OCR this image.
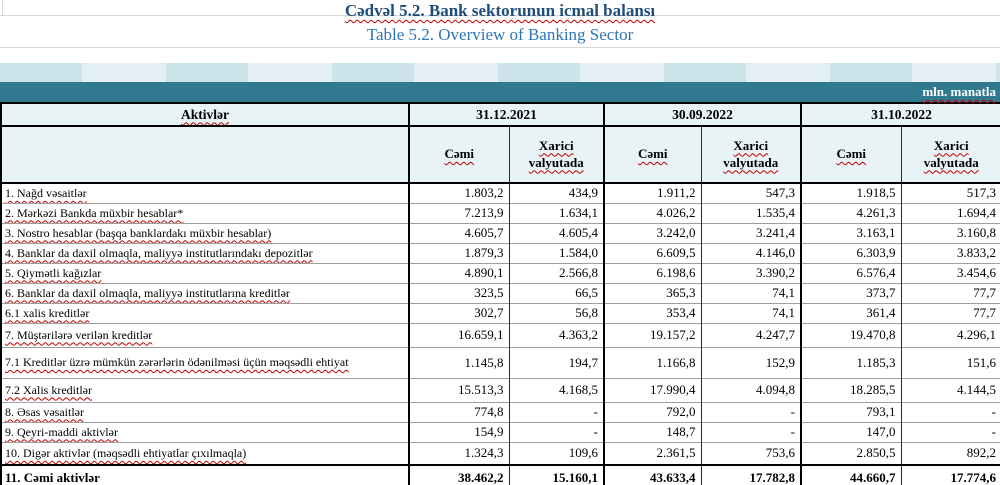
Cədvəl 5.2. Bank sektorunun icmal balansı
Table 5.2. Overview of Banking Sector
mln. manatla
Aktivlər	31.12.2021		30.09.2022		31.10.2022	
	Cəmi	Xarici valyutada	Cəmi	Xarici valyutada	Cəmi	Xarici valyutada
1. Nağd vəsaitlər	1.803,2	434,9	1.911,2	547,3	1.918,5	517,3
2. Mərkəzi Bankda müxbir hesablar*	7.213,9	1.634,1	4.026,2	1.535,4	4.261,3	1.694,4
3. Nostro hesablar (başqa banklardakı müxbir hesablar)	4.605,7	4.605,4	3.242,0	3.241,4	3.163,1	3.160,8
4. Banklar da daxil olmaqla, maliyyə institutlarındakı depozitlər	1.879,3	1.584,0	6.609,5	4.146,0	6.303,9	3.833,2
5. Qiymətli kağızlar	4.890,1	2.566,8	6.198,6	3.390,2	6.576,4	3.454,6
6. Banklar da daxil olmaqla, maliyyə institutlarına kreditlər	323,5	66,5	365,3	74,1	373,7	77,7
6.1 xalis kreditlər	302,7	56,8	353,4	74,1	361,4	77,7
7. Müştərilərə verilən kreditlər	16.659,1	4.363,2	19.157,2	4.247,7	19.470,8	4.296,1
7.1 Kreditlər üzrə mümkün zərərlərin ödənilməsi üçün məqsədli ehtiyat	1.145,8	194,7	1.166,8	152,9	1.185,3	151,6
7.2 Xalis kreditlər	15.513,3	4.168,5	17.990,4	4.094,8	18.285,5	4.144,5
8. Əsas vəsaitlər	774,8	-	792,0	-	793,1	-
9. Qeyri-maddi aktivlər	154,9	-	148,7	-	147,0	-
10. Digər aktivlər (məqsədli ehtiyatlar çıxılmaqla)	1.324,3	109,6	2.361,5	753,6	2.850,5	892,2
11. Cəmi aktivlər	38.462,2	15.160,1	43.633,4	17.782,8	44.660,7	17.774,6
